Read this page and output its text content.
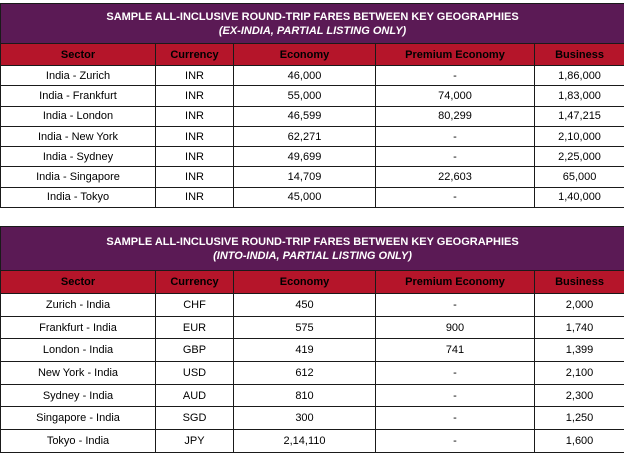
SAMPLE ALL-INCLUSIVE ROUND-TRIP FARES BETWEEN KEY GEOGRAPHIES
(EX-INDIA, PARTIAL LISTING ONLY)				

Sector	Currency	Economy	Premium Economy	Business
India - Zurich	INR	46,000	-	1,86,000
India - Frankfurt	INR	55,000	74,000	1,83,000
India - London	INR	46,599	80,299	1,47,215
India - New York	INR	62,271	-	2,10,000
India - Sydney	INR	49,699	-	2,25,000
India - Singapore	INR	14,709	22,603	65,000
India - Tokyo	INR	45,000	-	1,40,000
SAMPLE ALL-INCLUSIVE ROUND-TRIP FARES BETWEEN KEY GEOGRAPHIES
(INTO-INDIA, PARTIAL LISTING ONLY)				

Sector	Currency	Economy	Premium Economy	Business
Zurich - India	CHF	450	-	2,000
Frankfurt - India	EUR	575	900	1,740
London - India	GBP	419	741	1,399
New York - India	USD	612	-	2,100
Sydney - India	AUD	810	-	2,300
Singapore - India	SGD	300	-	1,250
Tokyo - India	JPY	2,14,110	-	1,600
